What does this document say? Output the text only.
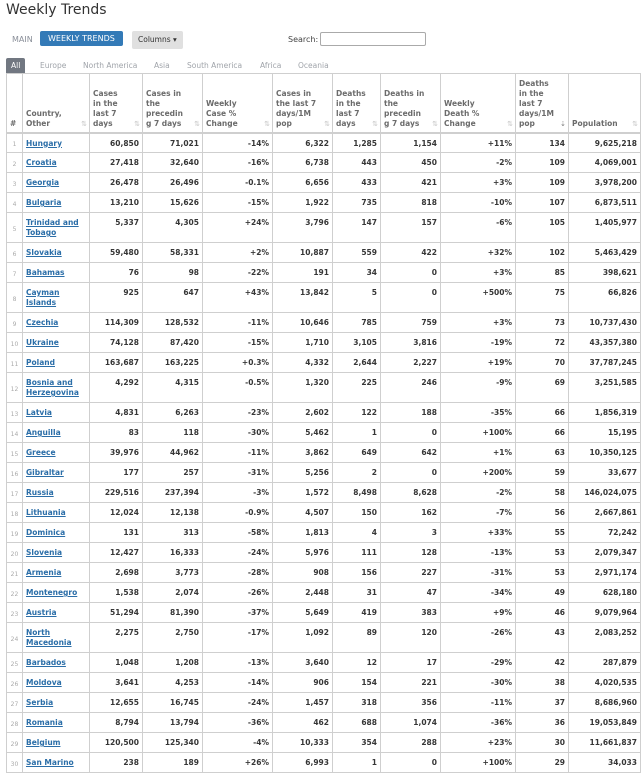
Weekly Trends
MAIN	WEEKLY TRENDS	Columns ▾	Search:
All	Europe North America Asia South America Africa Oceania
#	Country, Other ⇅	Cases in the last 7 days ⇅	Cases in the preceding 7 days ⇅	Weekly Case % Change ⇅	Cases in the last 7 days/1M pop ⇅	Deaths in the last 7 days ⇅	Deaths in the preceding 7 days ⇅	Weekly Death % Change ⇅	Deaths in the last 7 days/1M pop ⇣	Population ⇅

1	Hungary	60,850	71,021	-14%	6,322	1,285	1,154	+11%	134	9,625,218
2	Croatia	27,418	32,640	-16%	6,738	443	450	-2%	109	4,069,001
3	Georgia	26,478	26,496	-0.1%	6,656	433	421	+3%	109	3,978,200
4	Bulgaria	13,210	15,626	-15%	1,922	735	818	-10%	107	6,873,511
5	Trinidad and Tobago	5,337	4,305	+24%	3,796	147	157	-6%	105	1,405,977
6	Slovakia	59,480	58,331	+2%	10,887	559	422	+32%	102	5,463,429
7	Bahamas	76	98	-22%	191	34	0	+3%	85	398,621
8	Cayman Islands	925	647	+43%	13,842	5	0	+500%	75	66,826
9	Czechia	114,309	128,532	-11%	10,646	785	759	+3%	73	10,737,430
10	Ukraine	74,128	87,420	-15%	1,710	3,105	3,816	-19%	72	43,357,380
11	Poland	163,687	163,225	+0.3%	4,332	2,644	2,227	+19%	70	37,787,245
12	Bosnia and Herzegovina	4,292	4,315	-0.5%	1,320	225	246	-9%	69	3,251,585
13	Latvia	4,831	6,263	-23%	2,602	122	188	-35%	66	1,856,319
14	Anguilla	83	118	-30%	5,462	1	0	+100%	66	15,195
15	Greece	39,976	44,962	-11%	3,862	649	642	+1%	63	10,350,125
16	Gibraltar	177	257	-31%	5,256	2	0	+200%	59	33,677
17	Russia	229,516	237,394	-3%	1,572	8,498	8,628	-2%	58	146,024,075
18	Lithuania	12,024	12,138	-0.9%	4,507	150	162	-7%	56	2,667,861
19	Dominica	131	313	-58%	1,813	4	3	+33%	55	72,242
20	Slovenia	12,427	16,333	-24%	5,976	111	128	-13%	53	2,079,347
21	Armenia	2,698	3,773	-28%	908	156	227	-31%	53	2,971,174
22	Montenegro	1,538	2,074	-26%	2,448	31	47	-34%	49	628,180
23	Austria	51,294	81,390	-37%	5,649	419	383	+9%	46	9,079,964
24	North Macedonia	2,275	2,750	-17%	1,092	89	120	-26%	43	2,083,252
25	Barbados	1,048	1,208	-13%	3,640	12	17	-29%	42	287,879
26	Moldova	3,641	4,253	-14%	906	154	221	-30%	38	4,020,535
27	Serbia	12,655	16,745	-24%	1,457	318	356	-11%	37	8,686,960
28	Romania	8,794	13,794	-36%	462	688	1,074	-36%	36	19,053,849
29	Belgium	120,500	125,340	-4%	10,333	354	288	+23%	30	11,661,837
30	San Marino	238	189	+26%	6,993	1	0	+100%	29	34,033
